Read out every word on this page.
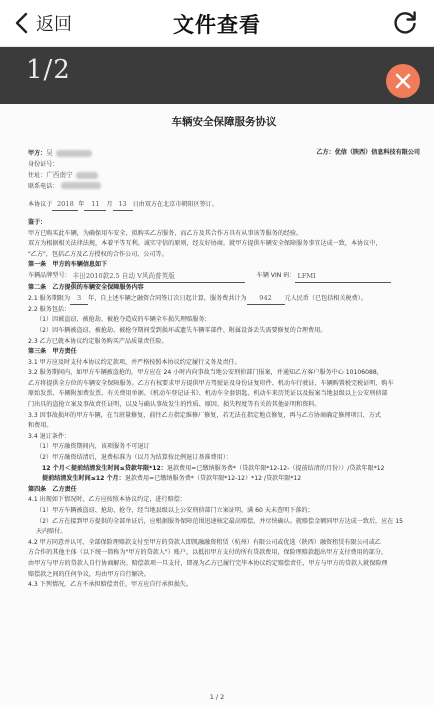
返回	文件查看
1/2
车辆安全保障服务协议
甲方：吴	乙方：优信（陕西）信息科技有限公司
身份证号：
住址：广西南宁
联系电话：
本协议于 2018 年 11 月 13 日由双方在北京市朝阳区签订。
鉴于：
甲方已购买此车辆，为确保用车安全，拟购买乙方服务，而乙方及其合作方具有从事该等服务的经验。
双方为根据相关法律法规，本着平等互利、诚实守信的原则，经友好协商，就甲方提供车辆安全保障服务事宜达成一致，本协议中，
"乙方"，包括乙方及乙方授权的合作公司、公司等。
第一条　甲方的车辆信息如下
车辆品牌型号： 丰田2010款2.5 自动 V风尚普英版	车辆 VIN 码： LFMI
第二条　乙方提供的车辆安全保障服务内容
2.1 服务期限为 3 年，自上述车辆之融资合同签订次日起计算，服务费共计为 942 元人民币（已包括相关税费）。
2.2 服务包括：
（1）因被盗窃、被抢劫、被抢夺造成的车辆全车损失理赔服务；
（2）因车辆被盗窃、被抢劫、被抢夺期间受到损坏或遗失车辆零部件、附属设备丢失需要修复的合理费用。
2.3 乙方已就本协议约定服务购买产品质量责任险。
第三条　甲方责任
3.1 甲方应及时支付本协议约定款项，并严格按照本协议约定履行义务及责任。
3.2 服务期间内，如甲方车辆被盗抢的，甲方应在 24 小时内向事故当地公安刑侦部门报案，并通知乙方客户服务中心 10106088，
乙方将提供全方位的车辆安全保障服务。乙方有权要求甲方提供甲方驾驶证及身份证复印件、机动车行驶证、车辆购置税完税证明、购车
原始发票、车辆附加费发票、有关费用单据、《机动车登记证书》、机动车全套钥匙、机动车来历凭证以及报案当地县级以上公安刑侦部
门出具的盗抢立案及事故责任证明，以及与确认事故发生的性质、原因、损失程度等有关的其他证明和资料。
3.3 因事故损坏的甲方车辆，在当班量修复，前往乙方指定维修厂修复，若无法在指定地点修复，再与乙方协商确定修理项目、方式
和费用。
3.4 退订条件：
（1）甲方融资期间内，该项服务不可退订
（2）甲方融资结清后，退费标准为（以月为结算按比例退订基准费用）：
12 个月＜提前结清发生时间≤贷款年限*12：退款费用=已缴纳服务费*（贷款年限*12-12-（提前结清的月份））/贷款年限*12
提前结清发生时间≤12 个月：退款费用=已缴纳服务费*（贷款年限*12-12）*12 /贷款年限*12
第四条　乙方责任
4.1 出现如下情况时，乙方应按照本协议约定，进行赔偿：
（1）甲方车辆被盗窃、抢劫、抢夺，经当地县级以上公安刑侦部门立案证明，满 60 天未查明下落的；
（2）乙方在接到甲方提供的全部单证后，应根据服务保障范围迅速核定最高赔偿，并尽快确认。就赔偿金额同甲方达成一致后，应在 15
天内赔付。
4.2 甲方同意并认可，全部保险理赔款支付至甲方的贷款人即凯融融资租赁（杭州）有限公司或优选（陕西）融资租赁有限公司或乙
方合作的其他主体（以下统一简称为"甲方的贷款人"）账户，以抵扣甲方支付的所有贷款费用，保险理赔款超出甲方支付费用的部分，
由甲方与甲方的贷款人自行协商解决。赔偿款项一旦支付，即视为乙方已履行完毕本协议约定赔偿责任，甲方与甲方的贷款人就保险理
赔偿款之间的任何争议，均由甲方自行解决。
4.3 下列情况，乙方不承担赔偿责任，甲方应自行承担损失。
1 / 2
